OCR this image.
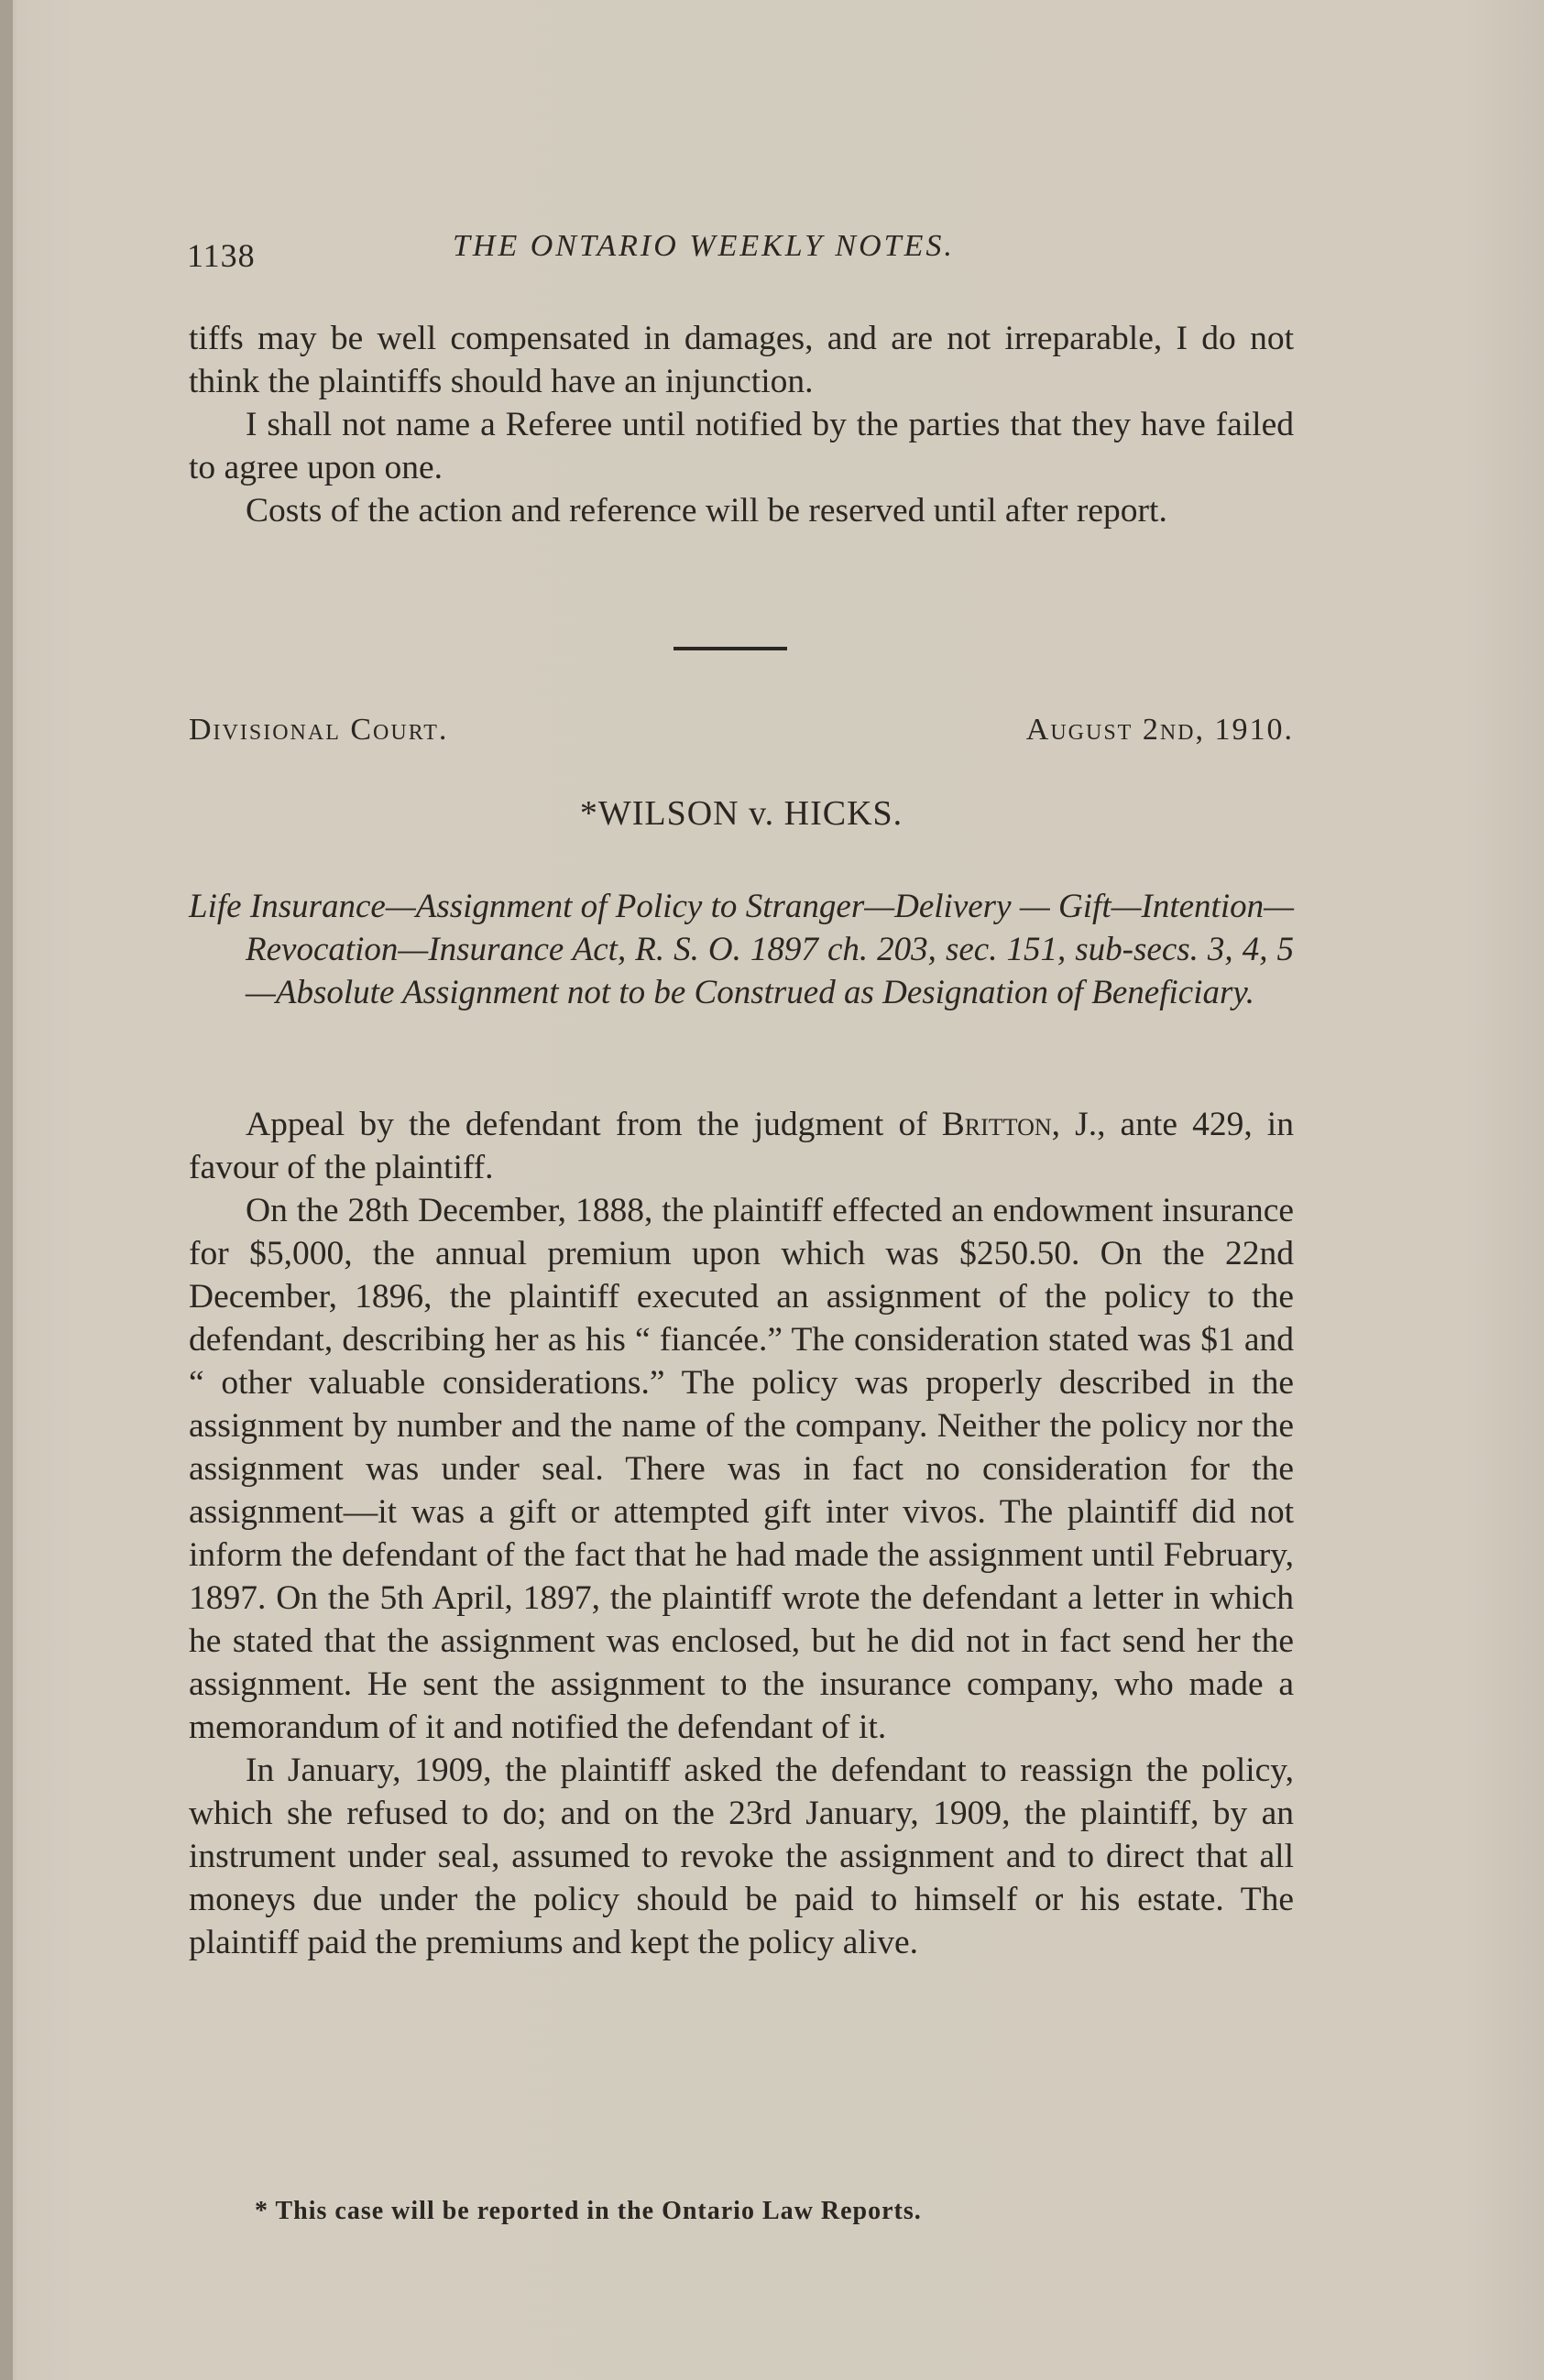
1138	THE ONTARIO WEEKLY NOTES.

tiffs may be well compensated in damages, and are not irreparable, I do not think the plaintiffs should have an injunction.

I shall not name a Referee until notified by the parties that they have failed to agree upon one.

Costs of the action and reference will be reserved until after report.

Divisional Court.	August 2nd, 1910.
*WILSON v. HICKS.
Life Insurance—Assignment of Policy to Stranger—Delivery — Gift—Intention—Revocation—Insurance Act, R. S. O. 1897 ch. 203, sec. 151, sub-secs. 3, 4, 5—Absolute Assignment not to be Construed as Designation of Beneficiary.

Appeal by the defendant from the judgment of Britton, J., ante 429, in favour of the plaintiff.

On the 28th December, 1888, the plaintiff effected an endowment insurance for $5,000, the annual premium upon which was $250.50. On the 22nd December, 1896, the plaintiff executed an assignment of the policy to the defendant, describing her as his “ fiancée.” The consideration stated was $1 and “ other valuable considerations.” The policy was properly described in the assignment by number and the name of the company. Neither the policy nor the assignment was under seal. There was in fact no consideration for the assignment—it was a gift or attempted gift inter vivos. The plaintiff did not inform the defendant of the fact that he had made the assignment until February, 1897. On the 5th April, 1897, the plaintiff wrote the defendant a letter in which he stated that the assignment was enclosed, but he did not in fact send her the assignment. He sent the assignment to the insurance company, who made a memorandum of it and notified the defendant of it.

In January, 1909, the plaintiff asked the defendant to reassign the policy, which she refused to do; and on the 23rd January, 1909, the plaintiff, by an instrument under seal, assumed to revoke the assignment and to direct that all moneys due under the policy should be paid to himself or his estate. The plaintiff paid the premiums and kept the policy alive.

* This case will be reported in the Ontario Law Reports.
